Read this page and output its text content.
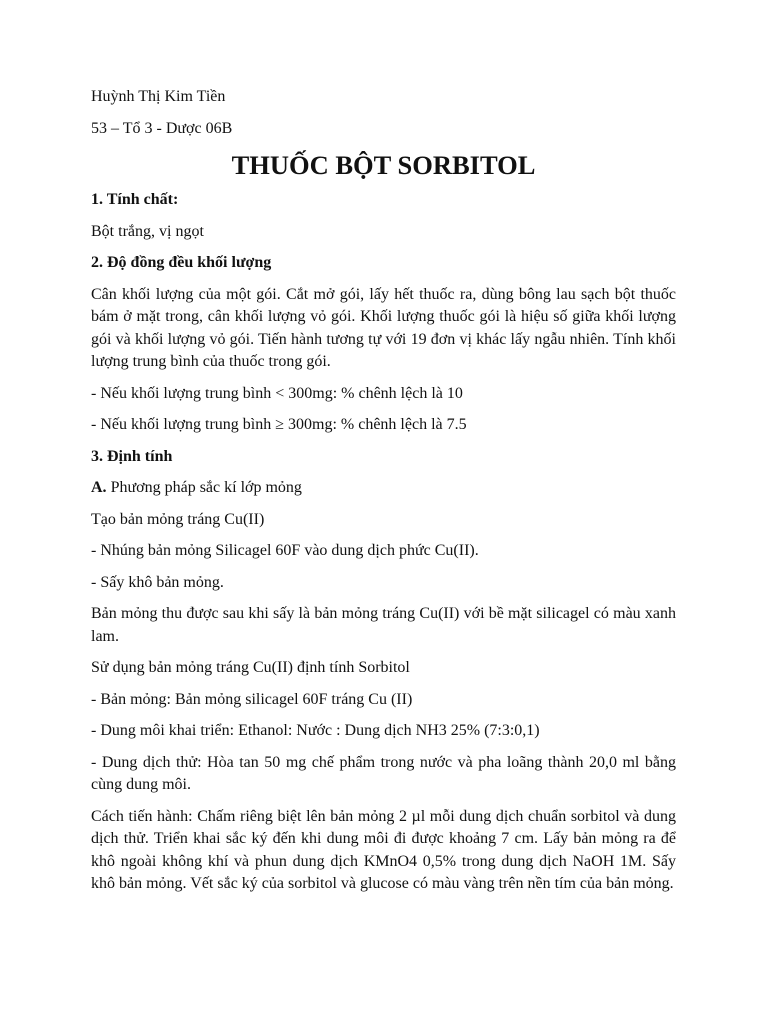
Huỳnh Thị Kim Tiền
53 – Tổ 3 - Dược 06B
THUỐC BỘT SORBITOL
1. Tính chất:
Bột trắng, vị ngọt
2. Độ đồng đều khối lượng
Cân khối lượng của một gói. Cắt mở gói, lấy hết thuốc ra, dùng bông lau sạch bột thuốc bám ở mặt trong, cân khối lượng vỏ gói. Khối lượng thuốc gói là hiệu số giữa khối lượng gói và khối lượng vỏ gói. Tiến hành tương tự với 19 đơn vị khác lấy ngẫu nhiên. Tính khối lượng trung bình của thuốc trong gói.
- Nếu khối lượng trung bình < 300mg: % chênh lệch là 10
- Nếu khối lượng trung bình ≥ 300mg: % chênh lệch là 7.5
3. Định tính
A. Phương pháp sắc kí lớp mỏng
Tạo bản mỏng tráng Cu(II)
- Nhúng bản mỏng Silicagel 60F vào dung dịch phức Cu(II).
- Sấy khô bản mỏng.
Bản mỏng thu được sau khi sấy là bản mỏng tráng Cu(II) với bề mặt silicagel có màu xanh lam.
Sử dụng bản mỏng tráng Cu(II) định tính Sorbitol
- Bản mỏng: Bản mỏng silicagel 60F tráng Cu (II)
- Dung môi khai triển: Ethanol: Nước : Dung dịch NH3 25% (7:3:0,1)
- Dung dịch thử: Hòa tan 50 mg chế phẩm trong nước và pha loãng thành 20,0 ml bằng cùng dung môi.
Cách tiến hành: Chấm riêng biệt lên bản mỏng 2 µl mỗi dung dịch chuẩn sorbitol và dung dịch thử. Triển khai sắc ký đến khi dung môi đi được khoảng 7 cm. Lấy bản mỏng ra để khô ngoài không khí và phun dung dịch KMnO4 0,5% trong dung dịch NaOH 1M. Sấy khô bản mỏng. Vết sắc ký của sorbitol và glucose có màu vàng trên nền tím của bản mỏng.
